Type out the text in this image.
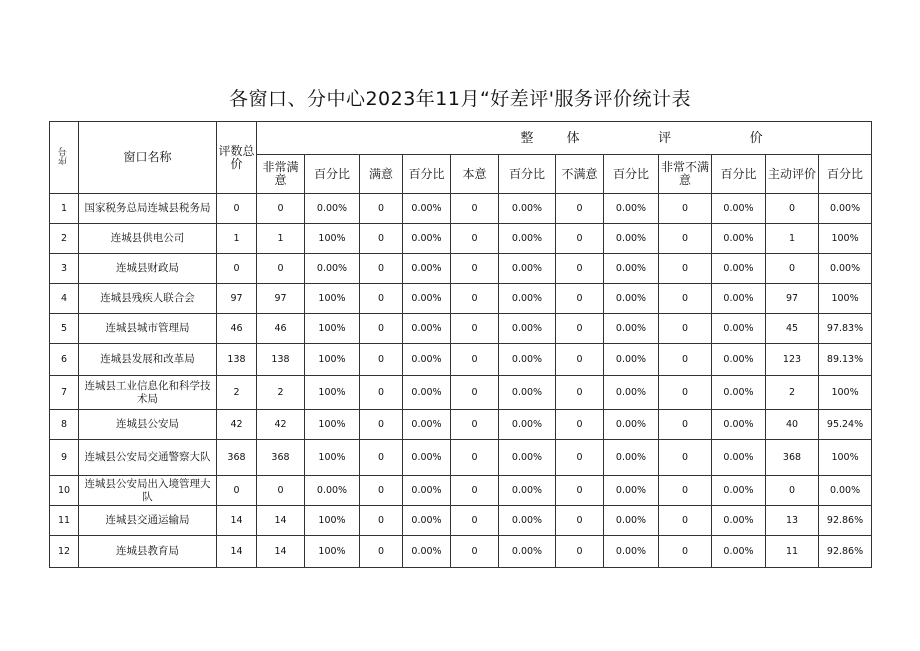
各窗口、分中心2023年11月“好差评'服务评价统计表
序号	窗口名称	评数总价	整 体 评 价											
			非常满意	百分比	满意	百分比	本意	百分比	不满意	百分比	非常不满意	百分比	主动评价	百分比
1	国家税务总局连城县税务局	0	0	0.00%	0	0.00%	0	0.00%	0	0.00%	0	0.00%	0	0.00%
2	连城县供电公司	1	1	100%	0	0.00%	0	0.00%	0	0.00%	0	0.00%	1	100%
3	连城县财政局	0	0	0.00%	0	0.00%	0	0.00%	0	0.00%	0	0.00%	0	0.00%
4	连城县残疾人联合会	97	97	100%	0	0.00%	0	0.00%	0	0.00%	0	0.00%	97	100%
5	连城县城市管理局	46	46	100%	0	0.00%	0	0.00%	0	0.00%	0	0.00%	45	97.83%
6	连城县发展和改革局	138	138	100%	0	0.00%	0	0.00%	0	0.00%	0	0.00%	123	89.13%
7	连城县工业信息化和科学技术局	2	2	100%	0	0.00%	0	0.00%	0	0.00%	0	0.00%	2	100%
8	连城县公安局	42	42	100%	0	0.00%	0	0.00%	0	0.00%	0	0.00%	40	95.24%
9	连城县公安局交通警察大队	368	368	100%	0	0.00%	0	0.00%	0	0.00%	0	0.00%	368	100%
10	连城县公安局出入境管理大队	0	0	0.00%	0	0.00%	0	0.00%	0	0.00%	0	0.00%	0	0.00%
11	连城县交通运输局	14	14	100%	0	0.00%	0	0.00%	0	0.00%	0	0.00%	13	92.86%
12	连城县教育局	14	14	100%	0	0.00%	0	0.00%	0	0.00%	0	0.00%	11	92.86%
